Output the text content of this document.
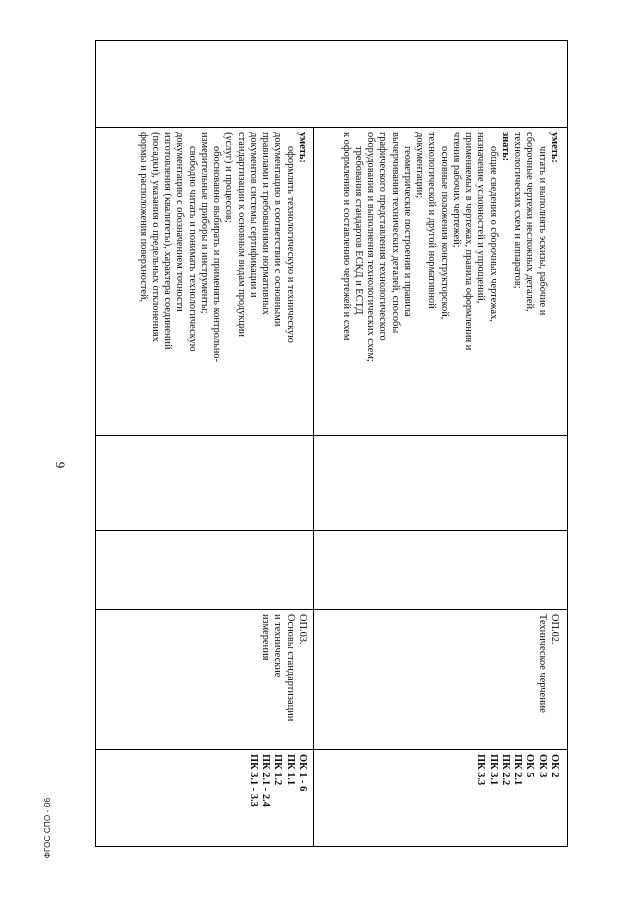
9
ФГОС СПО - 06

уметь:

читать и выполнять эскизы, рабочие и

сборочные чертежи несложных деталей,

технологических схем и аппаратов;

знать:

общие сведения о сборочных чертежах,

назначение условностей и упрощений,

применяемых в чертежах, правила оформления и

чтения рабочих чертежей;

основные положения конструкторской,

технологической и другой нормативной

документации;

геометрические построения и правила

вычерчивания технических деталей, способы

графического представления технологического

оборудования и выполнения технологических схем;

требования стандартов ЕСКД и ЕСТД

к оформлению и составлению чертежей и схем

ОП.02.

Техническое черчение

ОК 2

ОК 3

ОК 5

ПК 2.1

ПК 2.2

ПК 3.1

ПК 3.3

уметь:

оформлять технологическую и техническую

документацию в соответствии с основными

правилами и требованиями нормативных

документов системы сертификации и

стандартизации к основным видам продукции

(услуг) и процессов;

обоснованно выбирать и применять контрольно-

измерительные приборы и инструменты;

свободно читать и понимать технологическую

документацию с обозначением точности

изготовления (квалитеты), характера соединений

(посадки), указания о предельных отклонениях

формы и расположения поверхностей,

ОП.03.

Основы стандартизации

и технические

измерения

ОК 1 - 6

ПК 1.1

ПК 1.2

ПК 2.1 - 2.4

ПК 3.1 - 3.3
